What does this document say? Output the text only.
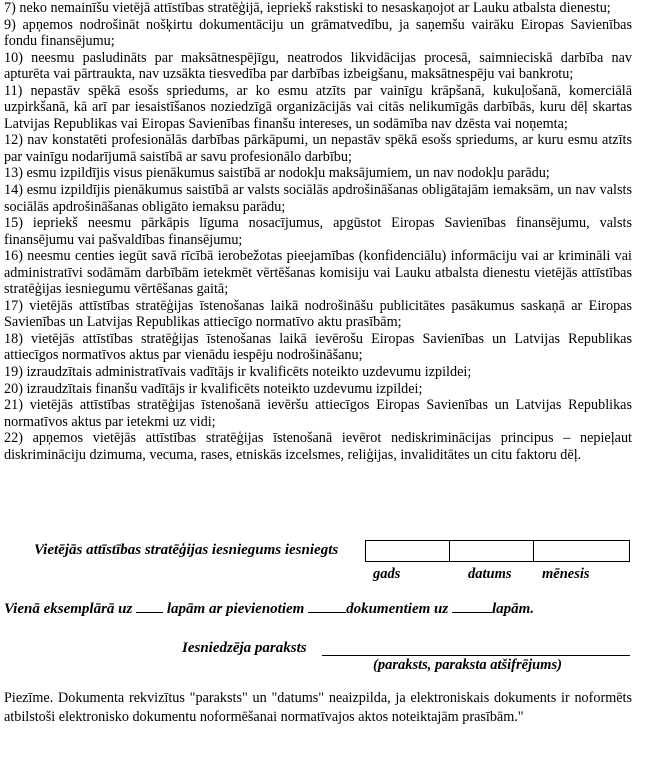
7) neko nemainīšu vietējā attīstības stratēģijā, iepriekš rakstiski to nesaskaņojot ar Lauku atbalsta dienestu;

9) apņemos nodrošināt nošķirtu dokumentāciju un grāmatvedību, ja saņemšu vairāku Eiropas Savienības fondu finansējumu;

10) neesmu pasludināts par maksātnespējīgu, neatrodos likvidācijas procesā, saimnieciskā darbība nav apturēta vai pārtraukta, nav uzsākta tiesvedība par darbības izbeigšanu, maksātnespēju vai bankrotu;

11) nepastāv spēkā esošs spriedums, ar ko esmu atzīts par vainīgu krāpšanā, kukuļošanā, komerciālā uzpirkšanā, kā arī par iesaistīšanos noziedzīgā organizācijās vai citās nelikumīgās darbībās, kuru dēļ skartas Latvijas Republikas vai Eiropas Savienības finanšu intereses, un sodāmība nav dzēsta vai noņemta;

12) nav konstatēti profesionālās darbības pārkāpumi, un nepastāv spēkā esošs spriedums, ar kuru esmu atzīts par vainīgu nodarījumā saistībā ar savu profesionālo darbību;

13) esmu izpildījis visus pienākumus saistībā ar nodokļu maksājumiem, un nav nodokļu parādu;

14) esmu izpildījis pienākumus saistībā ar valsts sociālās apdrošināšanas obligātajām iemaksām, un nav valsts sociālās apdrošināšanas obligāto iemaksu parādu;

15) iepriekš neesmu pārkāpis līguma nosacījumus, apgūstot Eiropas Savienības finansējumu, valsts finansējumu vai pašvaldības finansējumu;

16) neesmu centies iegūt savā rīcībā ierobežotas pieejamības (konfidenciālu) informāciju vai ar krimināli vai administratīvi sodāmām darbībām ietekmēt vērtēšanas komisiju vai Lauku atbalsta dienestu vietējās attīstības stratēģijas iesniegumu vērtēšanas gaitā;

17) vietējās attīstības stratēģijas īstenošanas laikā nodrošināšu publicitātes pasākumus saskaņā ar Eiropas Savienības un Latvijas Republikas attiecīgo normatīvo aktu prasībām;

18) vietējās attīstības stratēģijas īstenošanas laikā ievērošu Eiropas Savienības un Latvijas Republikas attiecīgos normatīvos aktus par vienādu iespēju nodrošināšanu;

19) izraudzītais administratīvais vadītājs ir kvalificēts noteikto uzdevumu izpildei;

20) izraudzītais finanšu vadītājs ir kvalificēts noteikto uzdevumu izpildei;

21) vietējās attīstības stratēģijas īstenošanā ievēršu attiecīgos Eiropas Savienības un Latvijas Republikas normatīvos aktus par ietekmi uz vidi;

22) apņemos vietējās attīstības stratēģijas īstenošanā ievērot nediskriminācijas principus – nepieļaut diskrimināciju dzimuma, vecuma, rases, etniskās izcelsmes, reliģijas, invaliditātes un citu faktoru dēļ.

Vietējās attīstības stratēģijas iesniegums iesniegts
gads	datums mēnesis
Vienā eksemplārā uz  lapām ar pievienotiem	dokumentiem uz	lapām.
Iesniedzēja paraksts
(paraksts, paraksta atšifrējums)

Piezīme. Dokumenta rekvizītus "paraksts" un "datums" neaizpilda, ja elektroniskais dokuments ir noformēts atbilstoši elektronisko dokumentu noformēšanai normatīvajos aktos noteiktajām prasībām."
